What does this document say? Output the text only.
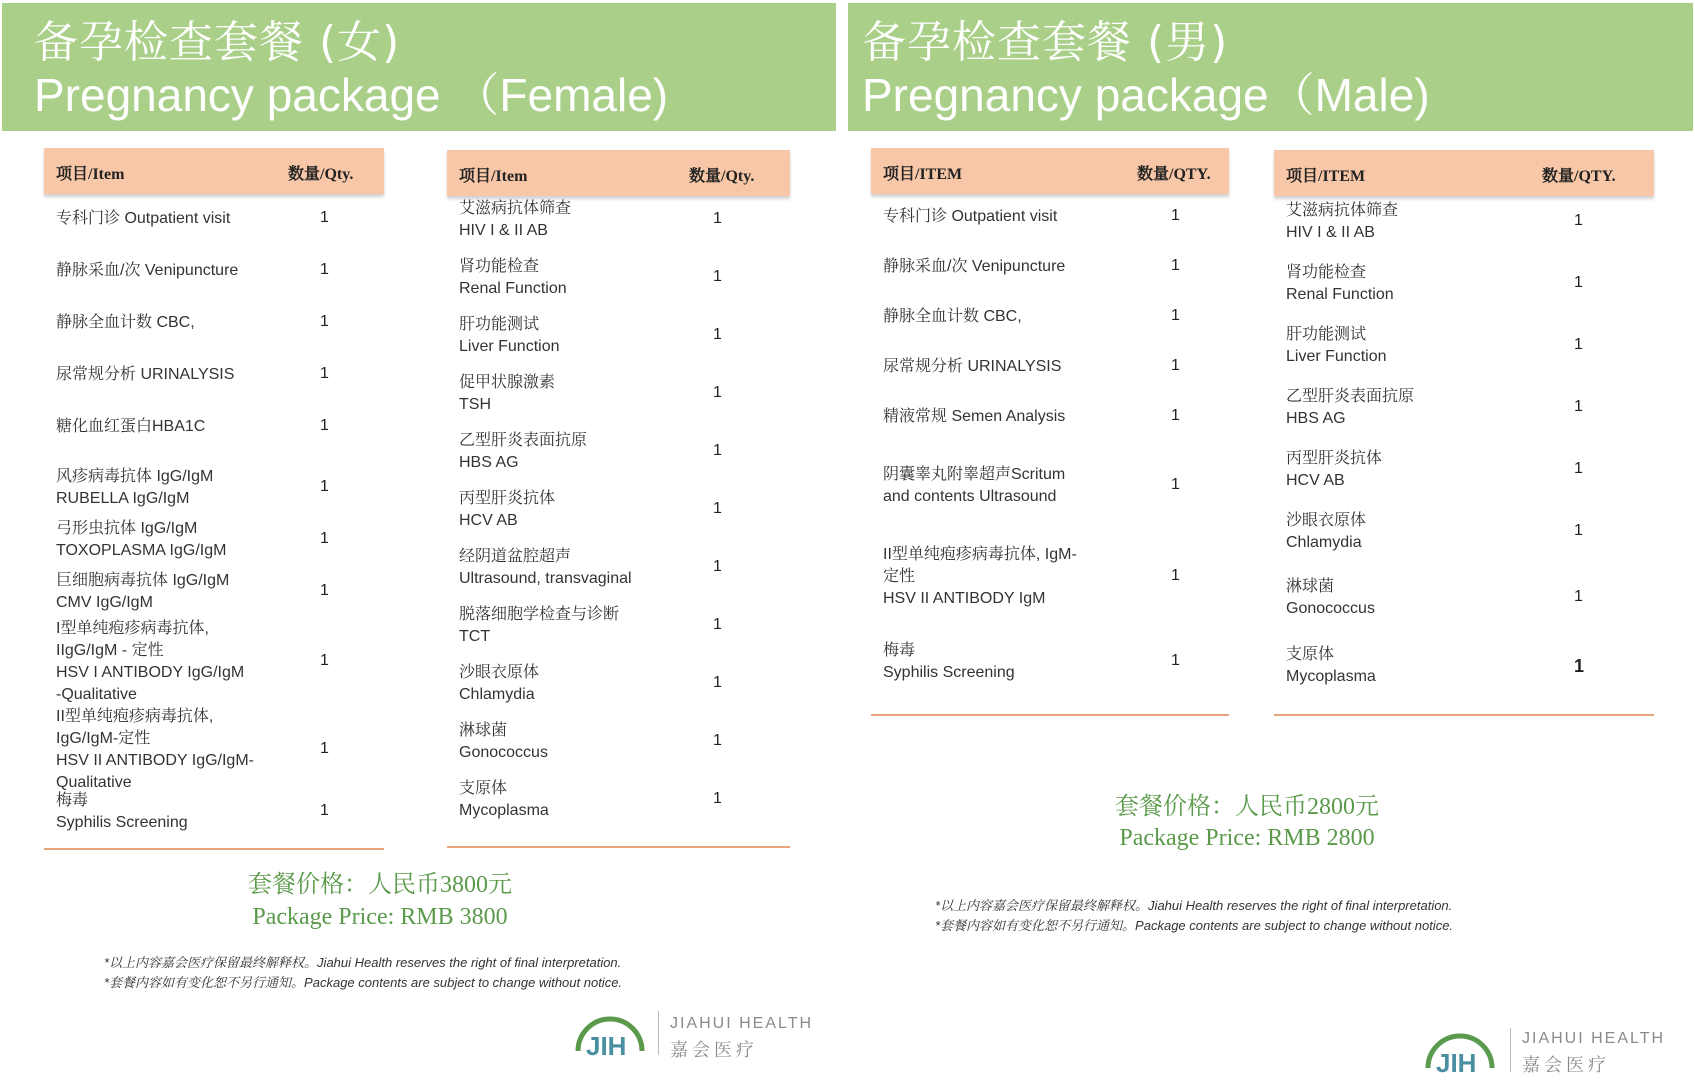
备孕检查套餐 (女)
Pregnancy package （Female)
项目/Item	数量/Qty.
专科门诊 Outpatient visit	1
静脉采血/次 Venipuncture	1
静脉全血计数 CBC,	1
尿常规分析 URINALYSIS	1
糖化血红蛋白HBA1C	1
风疹病毒抗体 IgG/IgM
RUBELLA IgG/IgM
1
弓形虫抗体 IgG/IgM
TOXOPLASMA IgG/IgM
1
巨细胞病毒抗体 IgG/IgM
CMV IgG/IgM
1
I型单纯疱疹病毒抗体,
IIgG/IgM - 定性
HSV I ANTIBODY IgG/IgM
-Qualitative
1
II型单纯疱疹病毒抗体,
IgG/IgM-定性
HSV II ANTIBODY IgG/IgM-
Qualitative
1
梅毒
Syphilis Screening
1
项目/Item	数量/Qty.
艾滋病抗体筛查
HIV I & II AB
1
肾功能检查
Renal Function
1
肝功能测试
Liver Function
1
促甲状腺激素
TSH
1
乙型肝炎表面抗原
HBS AG
1
丙型肝炎抗体
HCV AB
1
经阴道盆腔超声
Ultrasound, transvaginal
1
脱落细胞学检查与诊断
TCT
1
沙眼衣原体
Chlamydia
1
淋球菌
Gonococcus
1
支原体
Mycoplasma
1
套餐价格：人民币3800元
Package Price: RMB 3800
*以上内容嘉会医疗保留最终解释权。Jiahui Health reserves the right of final interpretation.
*套餐内容如有变化恕不另行通知。Package contents are subject to change without notice.
JIH
JIAHUI HEALTH
嘉会医疗
备孕检查套餐 (男)
Pregnancy package（Male)
项目/ITEM	数量/QTY.
专科门诊 Outpatient visit	1
静脉采血/次 Venipuncture	1
静脉全血计数 CBC,	1
尿常规分析 URINALYSIS	1
精液常规 Semen Analysis	1
阴囊睾丸附睾超声Scritum
and contents Ultrasound
1
II型单纯疱疹病毒抗体, IgM-
定性
HSV II ANTIBODY IgM
1
梅毒
Syphilis Screening
1
项目/ITEM	数量/QTY.
艾滋病抗体筛查
HIV I & II AB
1
肾功能检查
Renal Function
1
肝功能测试
Liver Function
1
乙型肝炎表面抗原
HBS AG
1
丙型肝炎抗体
HCV AB
1
沙眼衣原体
Chlamydia
1
淋球菌
Gonococcus
1
支原体
Mycoplasma
1
套餐价格：人民币2800元
Package Price: RMB 2800
*以上内容嘉会医疗保留最终解释权。Jiahui Health reserves the right of final interpretation.
*套餐内容如有变化恕不另行通知。Package contents are subject to change without notice.
JIH
JIAHUI HEALTH
嘉会医疗
